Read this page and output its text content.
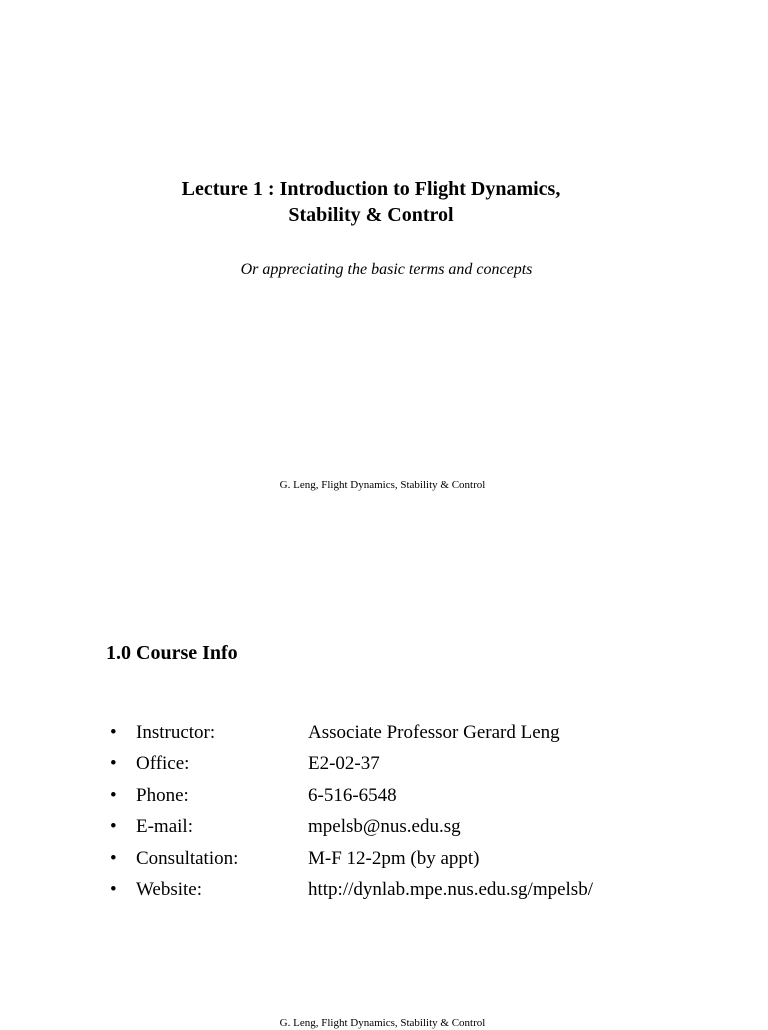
Lecture 1 : Introduction to Flight Dynamics,
Stability & Control
Or appreciating the basic terms and concepts
G. Leng, Flight Dynamics, Stability & Control
1.0 Course Info
• Instructor:	Associate Professor Gerard Leng
• Office:	E2-02-37
• Phone:	6-516-6548
• E-mail:	mpelsb@nus.edu.sg
• Consultation:	M-F 12-2pm (by appt)
• Website:	http://dynlab.mpe.nus.edu.sg/mpelsb/
G. Leng, Flight Dynamics, Stability & Control
